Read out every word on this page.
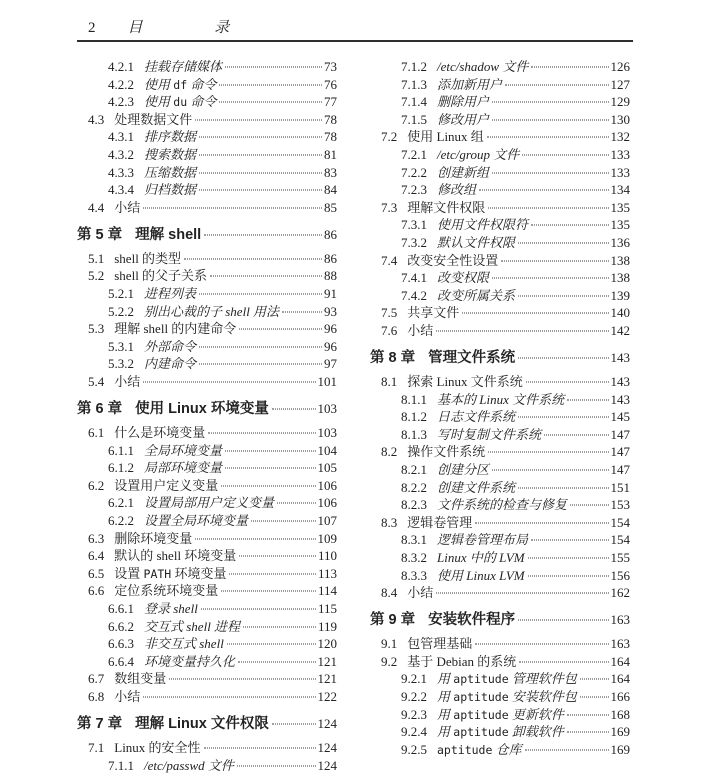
2 目 录
4.2.1 挂载存储媒体	73
4.2.2 使用 df 命令	76
4.2.3 使用 du 命令	77
4.3 处理数据文件	78
4.3.1 排序数据	78
4.3.2 搜索数据	81
4.3.3 压缩数据	83
4.3.4 归档数据	84
4.4 小结	85
第 5 章 理解 shell	86
5.1 shell 的类型	86
5.2 shell 的父子关系	88
5.2.1 进程列表	91
5.2.2 别出心裁的子 shell 用法	93
5.3 理解 shell 的内建命令	96
5.3.1 外部命令	96
5.3.2 内建命令	97
5.4 小结	101
第 6 章 使用 Linux 环境变量	103
6.1 什么是环境变量	103
6.1.1 全局环境变量	104
6.1.2 局部环境变量	105
6.2 设置用户定义变量	106
6.2.1 设置局部用户定义变量	106
6.2.2 设置全局环境变量	107
6.3 删除环境变量	109
6.4 默认的 shell 环境变量	110
6.5 设置 PATH 环境变量	113
6.6 定位系统环境变量	114
6.6.1 登录 shell	115
6.6.2 交互式 shell 进程	119
6.6.3 非交互式 shell	120
6.6.4 环境变量持久化	121
6.7 数组变量	121
6.8 小结	122
第 7 章 理解 Linux 文件权限	124
7.1 Linux 的安全性	124
7.1.1 /etc/passwd 文件	124
7.1.2 /etc/shadow 文件	126
7.1.3 添加新用户	127
7.1.4 删除用户	129
7.1.5 修改用户	130
7.2 使用 Linux 组	132
7.2.1 /etc/group 文件	133
7.2.2 创建新组	133
7.2.3 修改组	134
7.3 理解文件权限	135
7.3.1 使用文件权限符	135
7.3.2 默认文件权限	136
7.4 改变安全性设置	138
7.4.1 改变权限	138
7.4.2 改变所属关系	139
7.5 共享文件	140
7.6 小结	142
第 8 章 管理文件系统	143
8.1 探索 Linux 文件系统	143
8.1.1 基本的 Linux 文件系统	143
8.1.2 日志文件系统	145
8.1.3 写时复制文件系统	147
8.2 操作文件系统	147
8.2.1 创建分区	147
8.2.2 创建文件系统	151
8.2.3 文件系统的检查与修复	153
8.3 逻辑卷管理	154
8.3.1 逻辑卷管理布局	154
8.3.2 Linux 中的 LVM	155
8.3.3 使用 Linux LVM	156
8.4 小结	162
第 9 章 安装软件程序	163
9.1 包管理基础	163
9.2 基于 Debian 的系统	164
9.2.1 用 aptitude 管理软件包	164
9.2.2 用 aptitude 安装软件包	166
9.2.3 用 aptitude 更新软件	168
9.2.4 用 aptitude 卸载软件	169
9.2.5 aptitude 仓库	169
